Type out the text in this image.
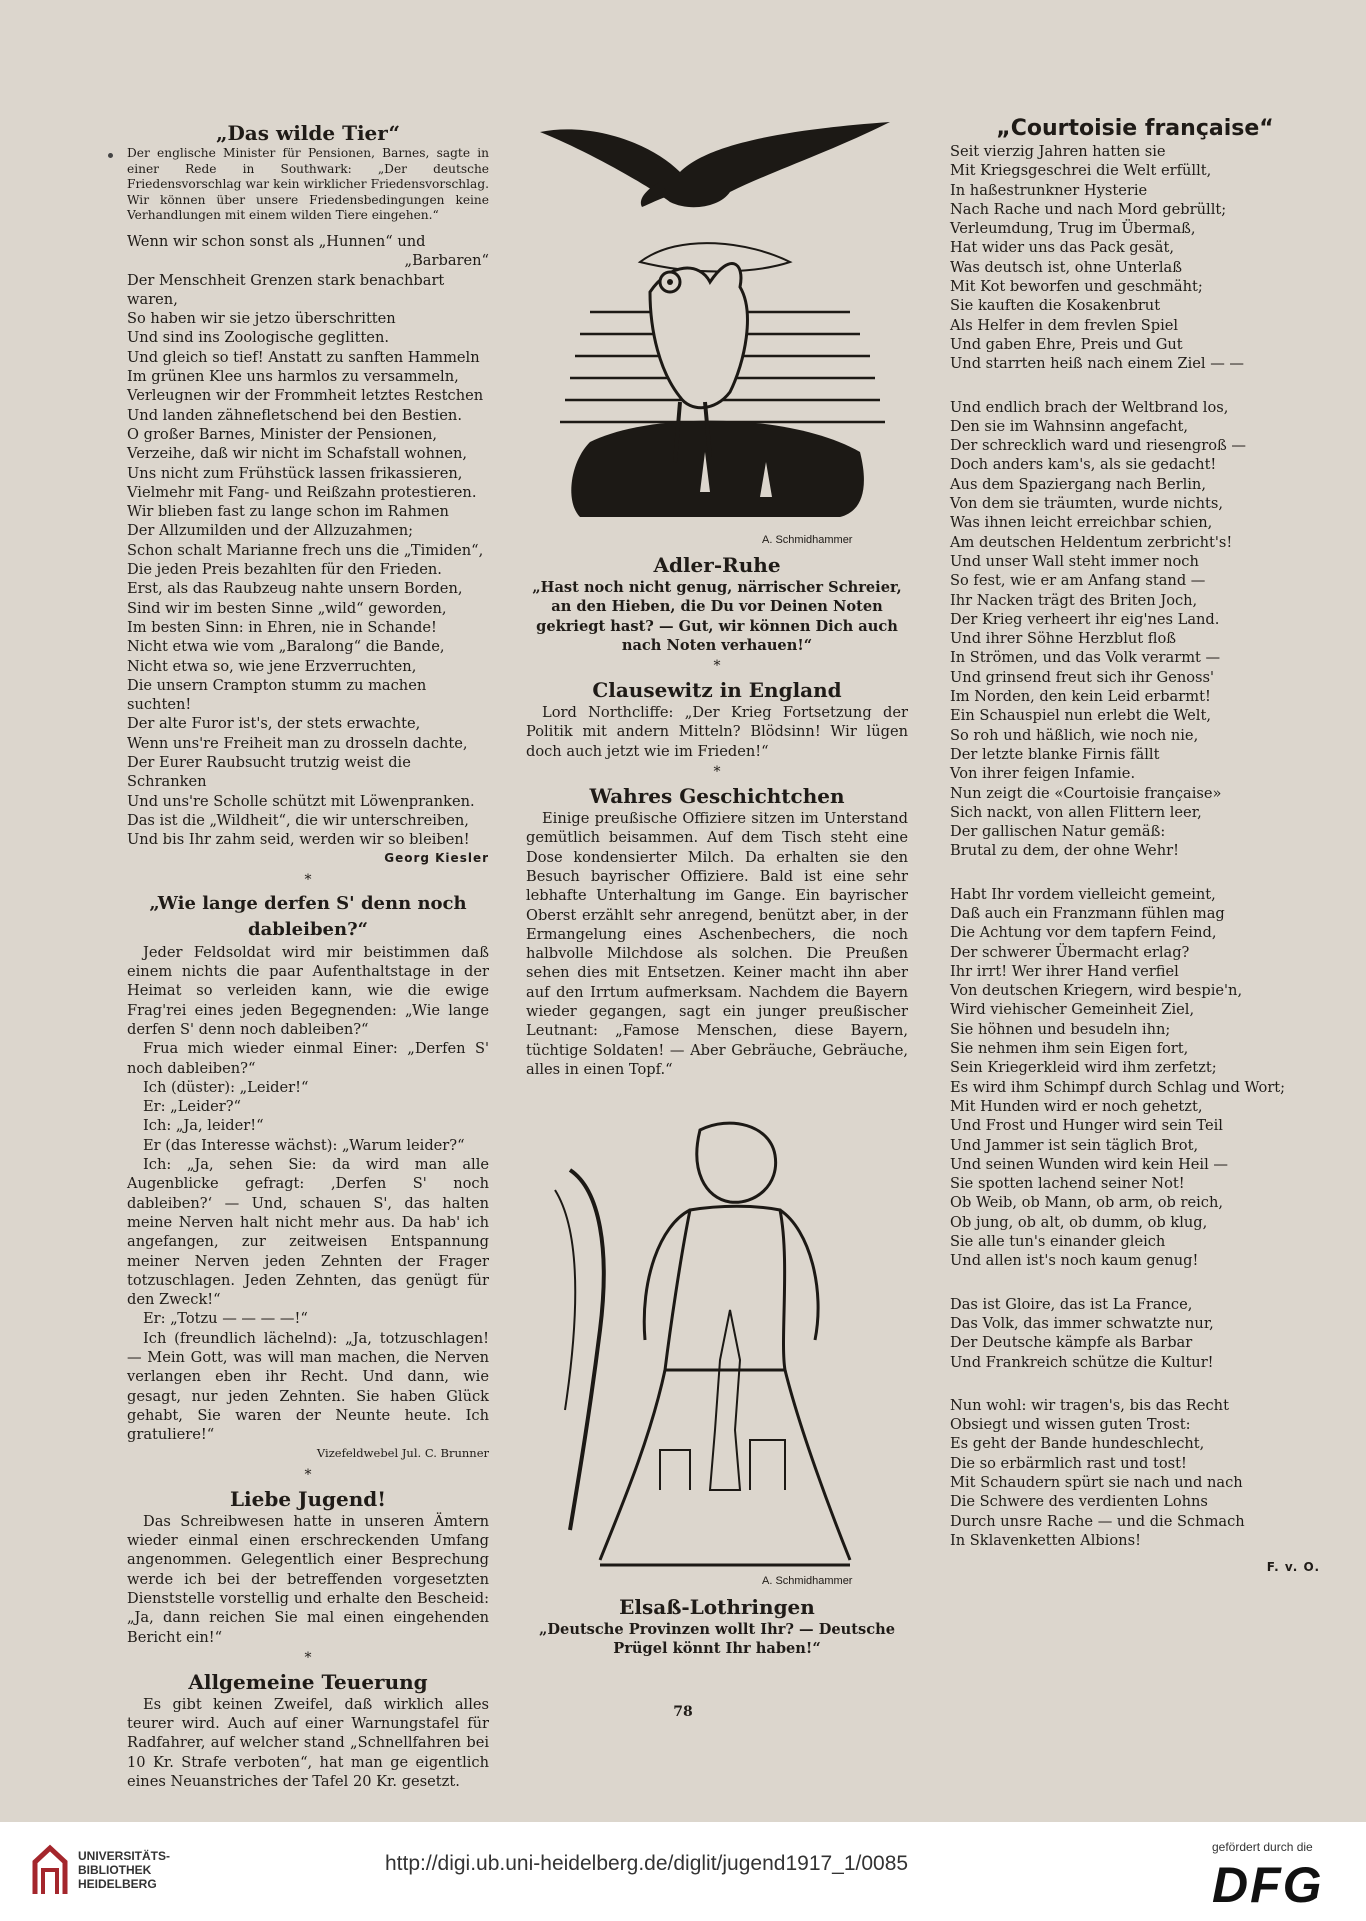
„Das wilde Tier“

Der englische Minister für Pensionen, Barnes, sagte in einer Rede in Southwark: „Der deutsche Friedensvorschlag war kein wirklicher Friedensvorschlag. Wir können über unsere Friedensbedingungen keine Verhandlungen mit einem wilden Tiere eingehen.“

Wenn wir schon sonst als „Hunnen“ und

„Barbaren“

Der Menschheit Grenzen stark benachbart waren,

So haben wir sie jetzo überschritten

Und sind ins Zoologische geglitten.

Und gleich so tief! Anstatt zu sanften Hammeln

Im grünen Klee uns harmlos zu versammeln,

Verleugnen wir der Frommheit letztes Restchen

Und landen zähnefletschend bei den Bestien.

O großer Barnes, Minister der Pensionen,

Verzeihe, daß wir nicht im Schafstall wohnen,

Uns nicht zum Frühstück lassen frikassieren,

Vielmehr mit Fang- und Reißzahn protestieren.

Wir blieben fast zu lange schon im Rahmen

Der Allzumilden und der Allzuzahmen;

Schon schalt Marianne frech uns die „Timiden“,

Die jeden Preis bezahlten für den Frieden.

Erst, als das Raubzeug nahte unsern Borden,

Sind wir im besten Sinne „wild“ geworden,

Im besten Sinn: in Ehren, nie in Schande!

Nicht etwa wie vom „Baralong“ die Bande,

Nicht etwa so, wie jene Erzverruchten,

Die unsern Crampton stumm zu machen suchten!

Der alte Furor ist's, der stets erwachte,

Wenn uns're Freiheit man zu drosseln dachte,

Der Eurer Raubsucht trutzig weist die Schranken

Und uns're Scholle schützt mit Löwenpranken.

Das ist die „Wildheit“, die wir unterschreiben,

Und bis Ihr zahm seid, werden wir so bleiben!

Georg Kiesler

*

„Wie lange derfen S' denn noch dableiben?“

Jeder Feldsoldat wird mir beistimmen daß einem nichts die paar Aufenthaltstage in der Heimat so verleiden kann, wie die ewige Frag'rei eines jeden Begegnenden: „Wie lange derfen S' denn noch dableiben?“

Frua mich wieder einmal Einer: „Derfen S' noch dableiben?“

Ich (düster): „Leider!“

Er: „Leider?“

Ich: „Ja, leider!“

Er (das Interesse wächst): „Warum leider?“

Ich: „Ja, sehen Sie: da wird man alle Augenblicke gefragt: ‚Derfen S' noch dableiben?‘ — Und, schauen S', das halten meine Nerven halt nicht mehr aus. Da hab' ich angefangen, zur zeitweisen Entspannung meiner Nerven jeden Zehnten der Frager totzuschlagen. Jeden Zehnten, das genügt für den Zweck!“

Er: „Totzu — — — —!“

Ich (freundlich lächelnd): „Ja, totzuschlagen! — Mein Gott, was will man machen, die Nerven verlangen eben ihr Recht. Und dann, wie gesagt, nur jeden Zehnten. Sie haben Glück gehabt, Sie waren der Neunte heute. Ich gratuliere!“

Vizefeldwebel Jul. C. Brunner

*

Liebe Jugend!

Das Schreibwesen hatte in unseren Ämtern wieder einmal einen erschreckenden Umfang angenommen. Gelegentlich einer Besprechung werde ich bei der betreffenden vorgesetzten Dienststelle vorstellig und erhalte den Bescheid: „Ja, dann reichen Sie mal einen eingehenden Bericht ein!“

*

Allgemeine Teuerung

Es gibt keinen Zweifel, daß wirklich alles teurer wird. Auch auf einer Warnungstafel für Radfahrer, auf welcher stand „Schnellfahren bei 10 Kr. Strafe verboten“, hat man ge eigentlich eines Neuanstriches der Tafel 20 Kr. gesetzt.

A. Schmidhammer

Adler-Ruhe

„Hast noch nicht genug, närrischer Schreier, an den Hieben, die Du vor Deinen Noten gekriegt hast? — Gut, wir können Dich auch nach Noten verhauen!“

*

Clausewitz in England

Lord Northcliffe: „Der Krieg Fortsetzung der Politik mit andern Mitteln? Blödsinn! Wir lügen doch auch jetzt wie im Frieden!“

*

Wahres Geschichtchen

Einige preußische Offiziere sitzen im Unterstand gemütlich beisammen. Auf dem Tisch steht eine Dose kondensierter Milch. Da erhalten sie den Besuch bayrischer Offiziere. Bald ist eine sehr lebhafte Unterhaltung im Gange. Ein bayrischer Oberst erzählt sehr anregend, benützt aber, in der Ermangelung eines Aschenbechers, die noch halbvolle Milchdose als solchen. Die Preußen sehen dies mit Entsetzen. Keiner macht ihn aber auf den Irrtum aufmerksam. Nachdem die Bayern wieder gegangen, sagt ein junger preußischer Leutnant: „Famose Menschen, diese Bayern, tüchtige Soldaten! — Aber Gebräuche, Gebräuche, alles in einen Topf.“

A. Schmidhammer

Elsaß-Lothringen

„Deutsche Provinzen wollt Ihr? — Deutsche Prügel könnt Ihr haben!“

„Courtoisie française“

Seit vierzig Jahren hatten sie

Mit Kriegsgeschrei die Welt erfüllt,

In haßestrunkner Hysterie

Nach Rache und nach Mord gebrüllt;

Verleumdung, Trug im Übermaß,

Hat wider uns das Pack gesät,

Was deutsch ist, ohne Unterlaß

Mit Kot beworfen und geschmäht;

Sie kauften die Kosakenbrut

Als Helfer in dem frevlen Spiel

Und gaben Ehre, Preis und Gut

Und starrten heiß nach einem Ziel — —

Und endlich brach der Weltbrand los,

Den sie im Wahnsinn angefacht,

Der schrecklich ward und riesengroß —

Doch anders kam's, als sie gedacht!

Aus dem Spaziergang nach Berlin,

Von dem sie träumten, wurde nichts,

Was ihnen leicht erreichbar schien,

Am deutschen Heldentum zerbricht's!

Und unser Wall steht immer noch

So fest, wie er am Anfang stand —

Ihr Nacken trägt des Briten Joch,

Der Krieg verheert ihr eig'nes Land.

Und ihrer Söhne Herzblut floß

In Strömen, und das Volk verarmt —

Und grinsend freut sich ihr Genoss'

Im Norden, den kein Leid erbarmt!

Ein Schauspiel nun erlebt die Welt,

So roh und häßlich, wie noch nie,

Der letzte blanke Firnis fällt

Von ihrer feigen Infamie.

Nun zeigt die «Courtoisie française»

Sich nackt, von allen Flittern leer,

Der gallischen Natur gemäß:

Brutal zu dem, der ohne Wehr!

Habt Ihr vordem vielleicht gemeint,

Daß auch ein Franzmann fühlen mag

Die Achtung vor dem tapfern Feind,

Der schwerer Übermacht erlag?

Ihr irrt! Wer ihrer Hand verfiel

Von deutschen Kriegern, wird bespie'n,

Wird viehischer Gemeinheit Ziel,

Sie höhnen und besudeln ihn;

Sie nehmen ihm sein Eigen fort,

Sein Kriegerkleid wird ihm zerfetzt;

Es wird ihm Schimpf durch Schlag und Wort;

Mit Hunden wird er noch gehetzt,

Und Frost und Hunger wird sein Teil

Und Jammer ist sein täglich Brot,

Und seinen Wunden wird kein Heil —

Sie spotten lachend seiner Not!

Ob Weib, ob Mann, ob arm, ob reich,

Ob jung, ob alt, ob dumm, ob klug,

Sie alle tun's einander gleich

Und allen ist's noch kaum genug!

Das ist Gloire, das ist La France,

Das Volk, das immer schwatzte nur,

Der Deutsche kämpfe als Barbar

Und Frankreich schütze die Kultur!

Nun wohl: wir tragen's, bis das Recht

Obsiegt und wissen guten Trost:

Es geht der Bande hundeschlecht,

Die so erbärmlich rast und tost!

Mit Schaudern spürt sie nach und nach

Die Schwere des verdienten Lohns

Durch unsre Rache — und die Schmach

In Sklavenketten Albions!

F. v. O.

78
UNIVERSITÄTS-
BIBLIOTHEK
HEIDELBERG
http://digi.ub.uni-heidelberg.de/diglit/jugend1917_1/0085
gefördert durch die
DFG
